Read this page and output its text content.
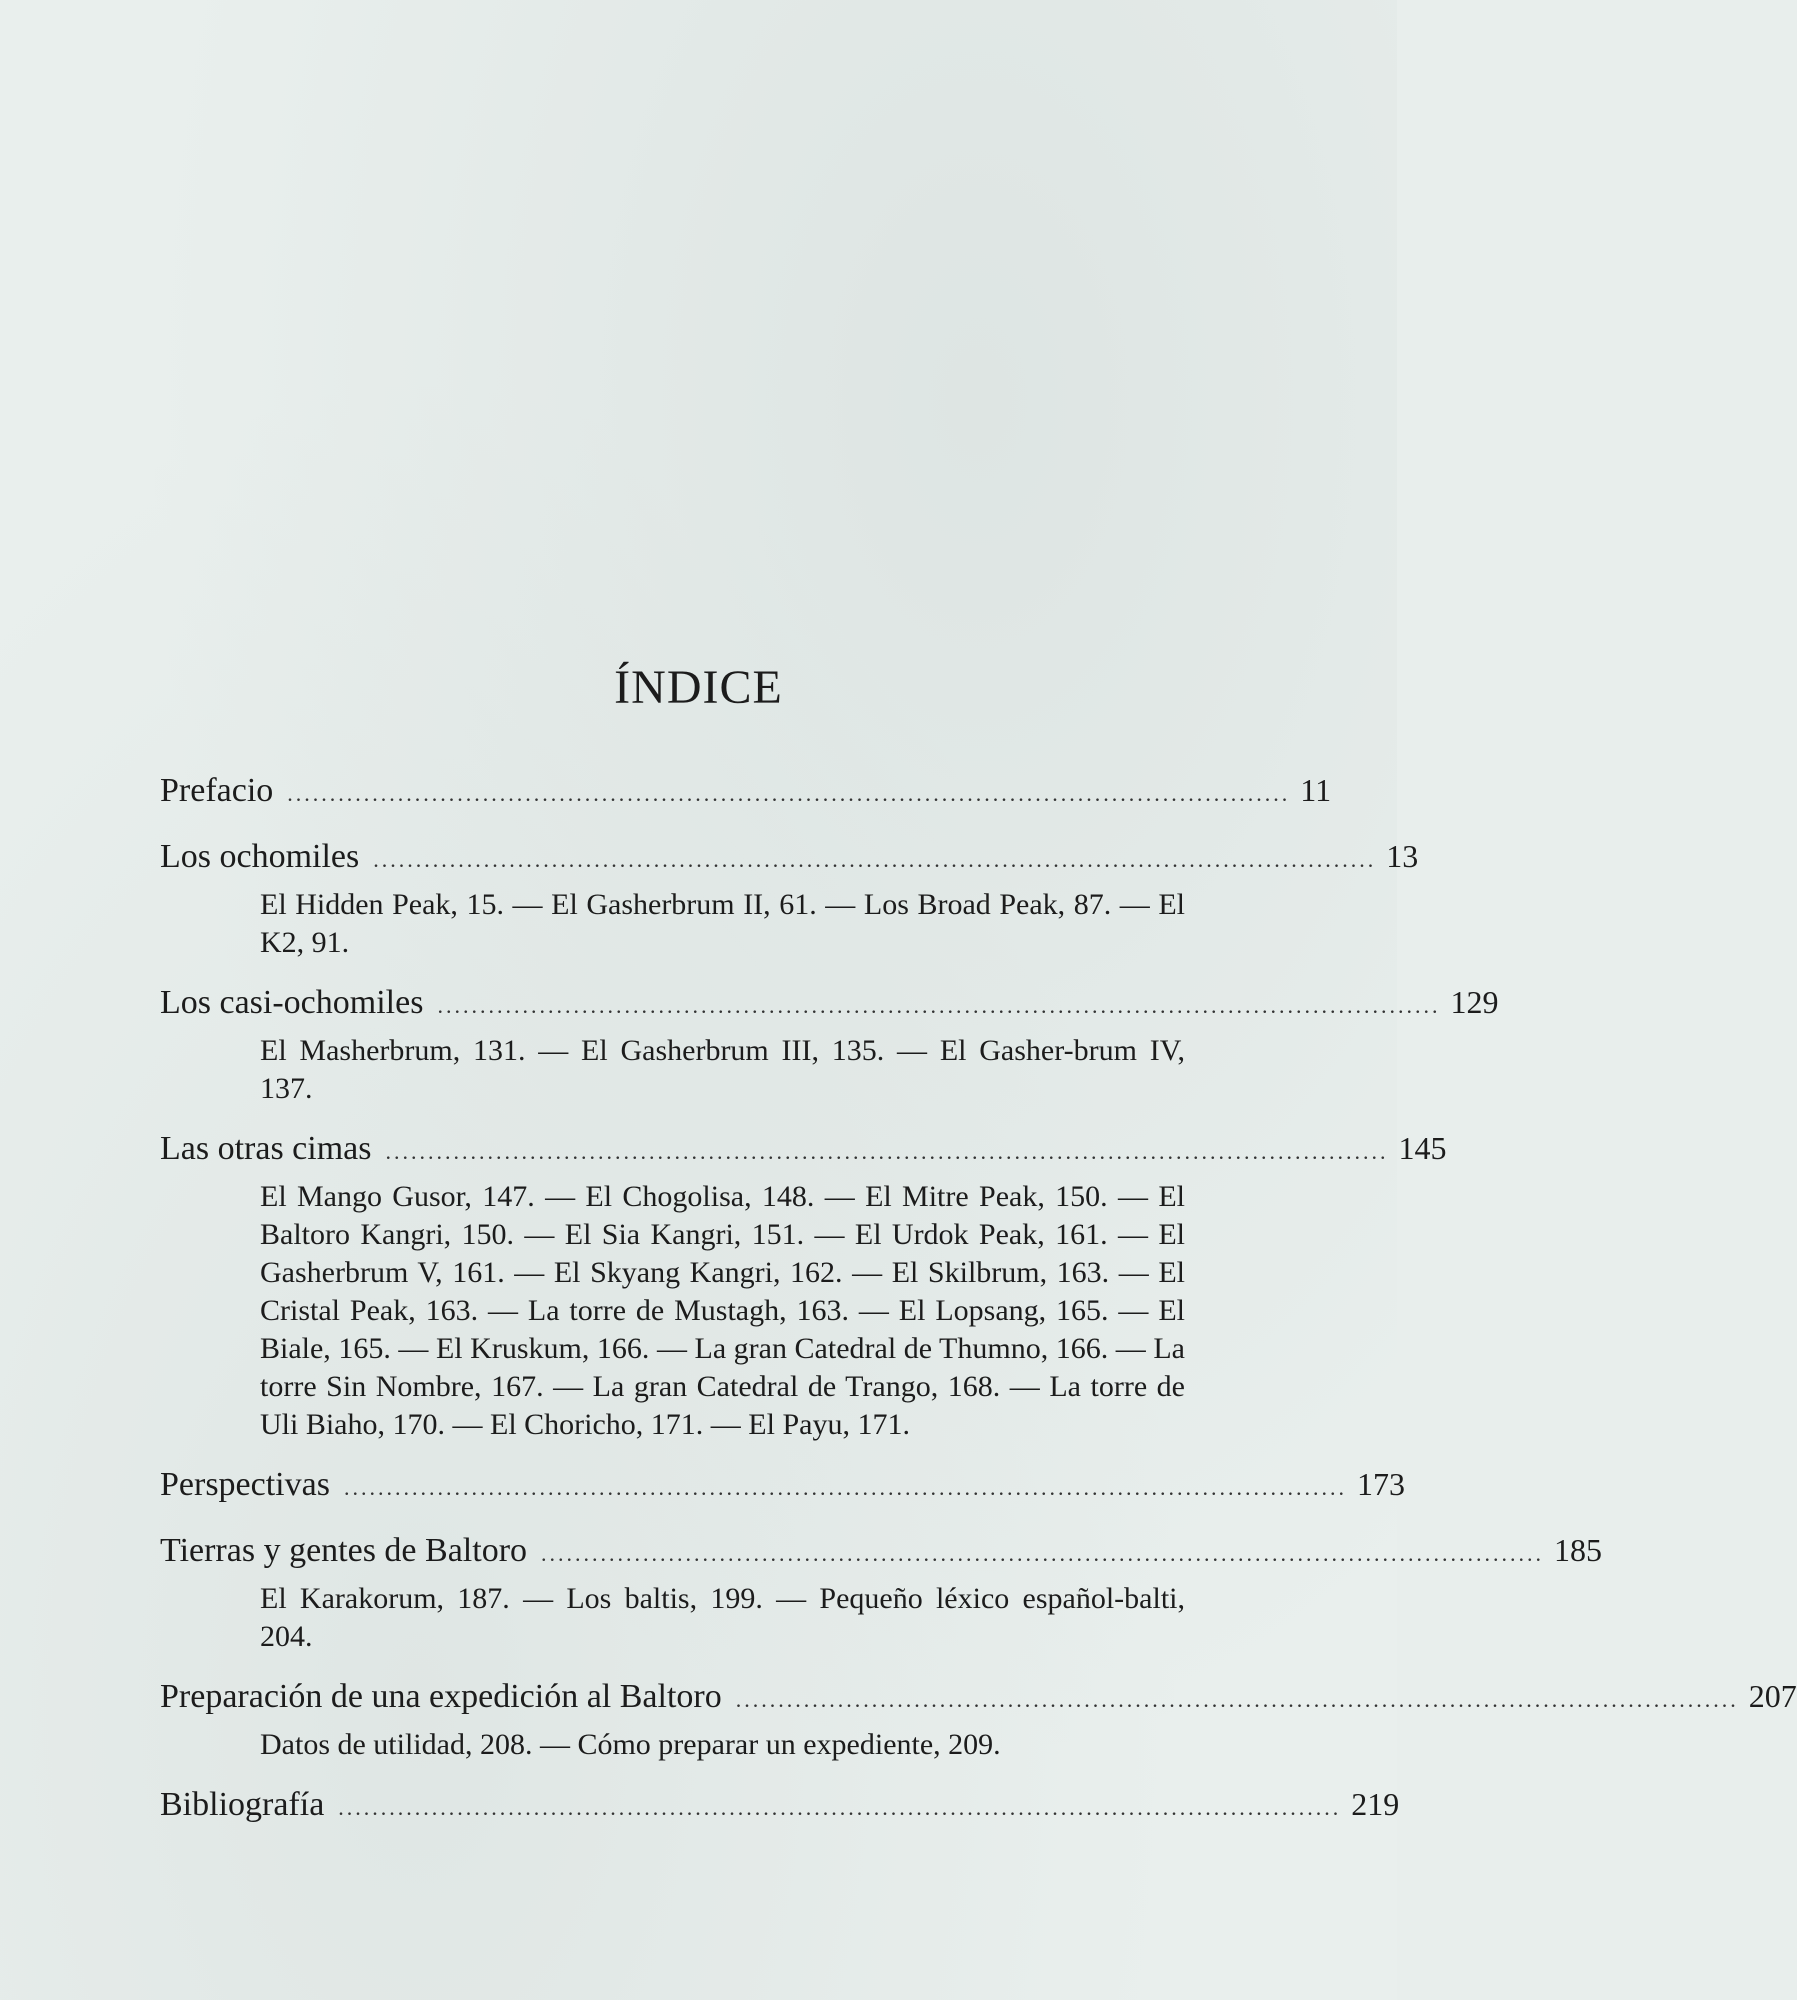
ÍNDICE
Prefacio ...................................................................................................................... 11
Los ochomiles ...................................................................................................................... 13
El Hidden Peak, 15. — El Gasherbrum II, 61. — Los Broad Peak, 87. — El K2, 91.
Los casi-ochomiles ...................................................................................................................... 129
El Masherbrum, 131. — El Gasherbrum III, 135. — El Gasher-brum IV, 137.
Las otras cimas ...................................................................................................................... 145
El Mango Gusor, 147. — El Chogolisa, 148. — El Mitre Peak, 150. — El Baltoro Kangri, 150. — El Sia Kangri, 151. — El Urdok Peak, 161. — El Gasherbrum V, 161. — El Skyang Kangri, 162. — El Skilbrum, 163. — El Cristal Peak, 163. — La torre de Mustagh, 163. — El Lopsang, 165. — El Biale, 165. — El Kruskum, 166. — La gran Catedral de Thumno, 166. — La torre Sin Nombre, 167. — La gran Catedral de Trango, 168. — La torre de Uli Biaho, 170. — El Choricho, 171. — El Payu, 171.
Perspectivas ...................................................................................................................... 173
Tierras y gentes de Baltoro ...................................................................................................................... 185
El Karakorum, 187. — Los baltis, 199. — Pequeño léxico español-balti, 204.
Preparación de una expedición al Baltoro ...................................................................................................................... 207
Datos de utilidad, 208. — Cómo preparar un expediente, 209.
Bibliografía ...................................................................................................................... 219
